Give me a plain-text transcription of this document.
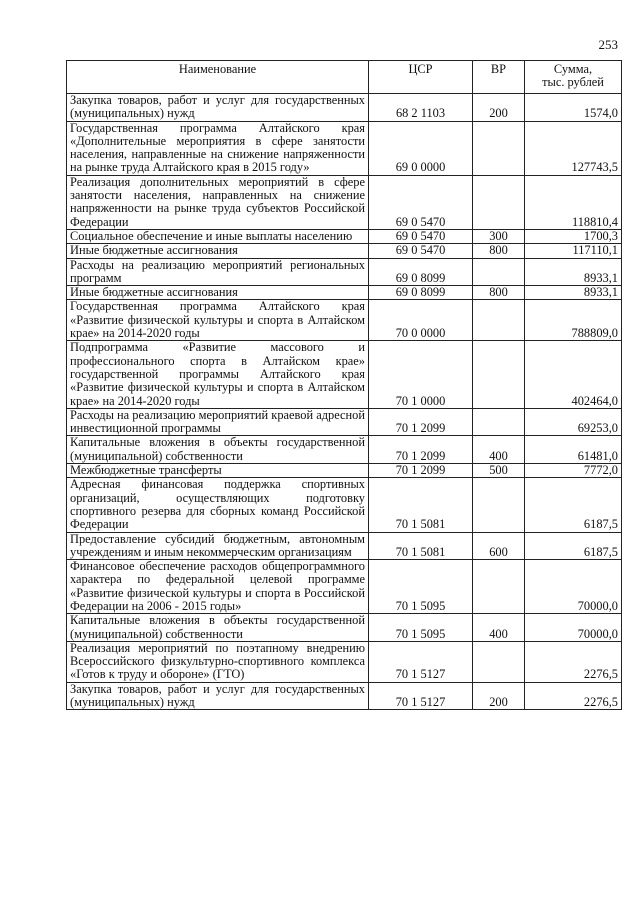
253
Наименование	ЦСР	ВР	Сумма,
тыс. рублей
Закупка товаров, работ и услуг для государственных (муниципальных) нужд	68 2 1103	200	1574,0
Государственная программа Алтайского края «Дополнительные мероприятия в сфере занятости населения, направленные на снижение напряженности на рынке труда Алтайского края в 2015 году»	69 0 0000		127743,5
Реализация дополнительных мероприятий в сфере занятости населения, направленных на снижение напряженности на рынке труда субъектов Российской Федерации	69 0 5470		118810,4
Социальное обеспечение и иные выплаты населению	69 0 5470	300	1700,3
Иные бюджетные ассигнования	69 0 5470	800	117110,1
Расходы на реализацию мероприятий региональных программ	69 0 8099		8933,1
Иные бюджетные ассигнования	69 0 8099	800	8933,1
Государственная программа Алтайского края «Развитие физической культуры и спорта в Алтайском крае» на 2014-2020 годы	70 0 0000		788809,0
Подпрограмма «Развитие массового и профессионального спорта в Алтайском крае» государственной программы Алтайского края «Развитие физической культуры и спорта в Алтайском крае» на 2014-2020 годы	70 1 0000		402464,0
Расходы на реализацию мероприятий краевой адресной инвестиционной программы	70 1 2099		69253,0
Капитальные вложения в объекты государственной (муниципальной) собственности	70 1 2099	400	61481,0
Межбюджетные трансферты	70 1 2099	500	7772,0
Адресная финансовая поддержка спортивных организаций, осуществляющих подготовку спортивного резерва для сборных команд Российской Федерации	70 1 5081		6187,5
Предоставление субсидий бюджетным, автономным учреждениям и иным некоммерческим организациям	70 1 5081	600	6187,5
Финансовое обеспечение расходов общепрограммного характера по федеральной целевой программе «Развитие физической культуры и спорта в Российской Федерации на 2006 - 2015 годы»	70 1 5095		70000,0
Капитальные вложения в объекты государственной (муниципальной) собственности	70 1 5095	400	70000,0
Реализация мероприятий по поэтапному внедрению Всероссийского физкультурно-спортивного комплекса «Готов к труду и обороне» (ГТО)	70 1 5127		2276,5
Закупка товаров, работ и услуг для государственных (муниципальных) нужд	70 1 5127	200	2276,5
